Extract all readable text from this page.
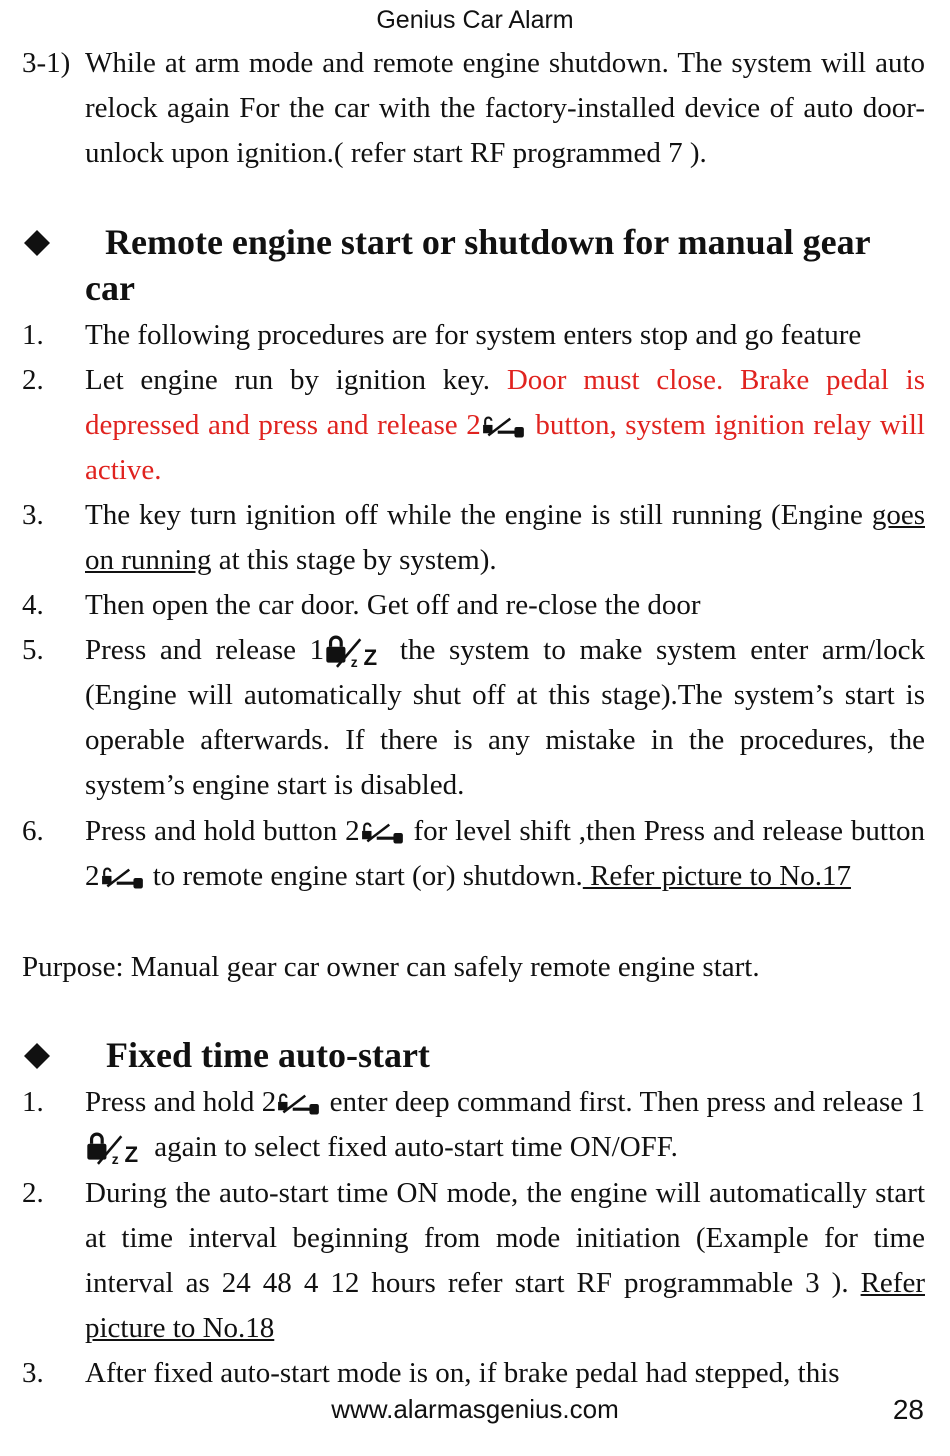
Genius Car Alarm
3-1) While at arm mode and remote engine shutdown. The system will auto relock again For the car with the factory-installed device of auto door-unlock upon ignition.( refer start RF programmed 7 ).
Remote engine start or shutdown for manual gear car
1. The following procedures are for system enters stop and go feature
2. Let engine run by ignition key. Door must close. Brake pedal is depressed and press and release 2 button, system ignition relay will active.
3. The key turn ignition off while the engine is still running (Engine goes on running at this stage by system).
4. Then open the car door. Get off and re-close the door
5. Press and release 1 the system to make system enter arm/lock (Engine will automatically shut off at this stage).The system’s start is operable afterwards. If there is any mistake in the procedures, the system’s engine start is disabled.
6. Press and hold button 2 for level shift ,then Press and release button 2 to remote engine start (or) shutdown. Refer picture to No.17
Purpose: Manual gear car owner can safely remote engine start.
Fixed time auto-start
1. Press and hold 2 enter deep command first. Then press and release 1 again to select fixed auto-start time ON/OFF.
2. During the auto-start time ON mode, the engine will automatically start at time interval beginning from mode initiation (Example for time interval as 24 48 4 12 hours refer start RF programmable 3 ). Refer picture to No.18
3. After fixed auto-start mode is on, if brake pedal had stepped, this
www.alarmasgenius.com	28
